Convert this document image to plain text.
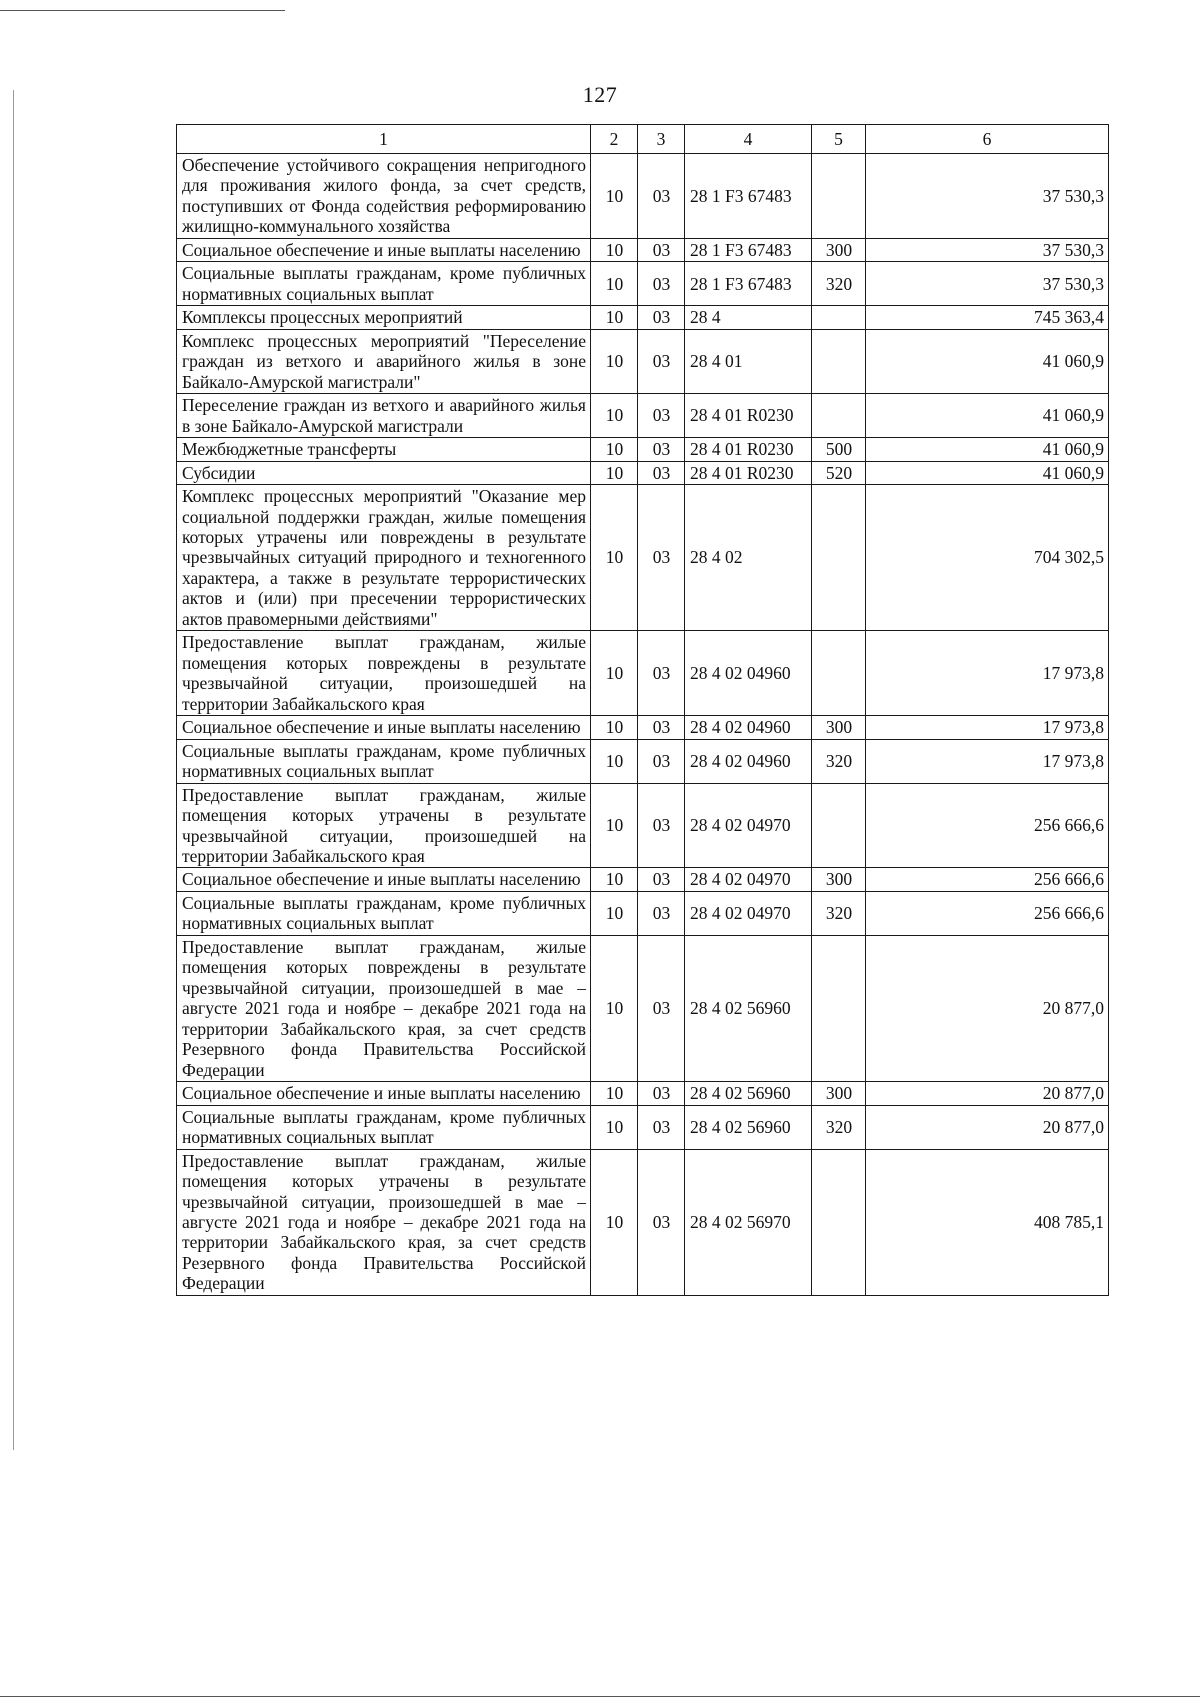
127
1	2	3	4	5	6
Обеспечение устойчивого сокращения непригодного для проживания жилого фонда, за счет средств, поступивших от Фонда содействия реформированию жилищно-коммунального хозяйства	10	03	28 1 F3 67483		37 530,3
Социальное обеспечение и иные выплаты населению	10	03	28 1 F3 67483	300	37 530,3
Социальные выплаты гражданам, кроме публичных нормативных социальных выплат	10	03	28 1 F3 67483	320	37 530,3
Комплексы процессных мероприятий	10	03	28 4		745 363,4
Комплекс процессных мероприятий "Переселение граждан из ветхого и аварийного жилья в зоне Байкало-Амурской магистрали"	10	03	28 4 01		41 060,9
Переселение граждан из ветхого и аварийного жилья в зоне Байкало-Амурской магистрали	10	03	28 4 01 R0230		41 060,9
Межбюджетные трансферты	10	03	28 4 01 R0230	500	41 060,9
Субсидии	10	03	28 4 01 R0230	520	41 060,9
Комплекс процессных мероприятий "Оказание мер социальной поддержки граждан, жилые помещения которых утрачены или повреждены в результате чрезвычайных ситуаций природного и техногенного характера, а также в результате террористических актов и (или) при пресечении террористических актов правомерными действиями"	10	03	28 4 02		704 302,5
Предоставление выплат гражданам, жилые помещения которых повреждены в результате чрезвычайной ситуации, произошедшей на территории Забайкальского края	10	03	28 4 02 04960		17 973,8
Социальное обеспечение и иные выплаты населению	10	03	28 4 02 04960	300	17 973,8
Социальные выплаты гражданам, кроме публичных нормативных социальных выплат	10	03	28 4 02 04960	320	17 973,8
Предоставление выплат гражданам, жилые помещения которых утрачены в результате чрезвычайной ситуации, произошедшей на территории Забайкальского края	10	03	28 4 02 04970		256 666,6
Социальное обеспечение и иные выплаты населению	10	03	28 4 02 04970	300	256 666,6
Социальные выплаты гражданам, кроме публичных нормативных социальных выплат	10	03	28 4 02 04970	320	256 666,6
Предоставление выплат гражданам, жилые помещения которых повреждены в результате чрезвычайной ситуации, произошедшей в мае – августе 2021 года и ноябре – декабре 2021 года на территории Забайкальского края, за счет средств Резервного фонда Правительства Российской Федерации	10	03	28 4 02 56960		20 877,0
Социальное обеспечение и иные выплаты населению	10	03	28 4 02 56960	300	20 877,0
Социальные выплаты гражданам, кроме публичных нормативных социальных выплат	10	03	28 4 02 56960	320	20 877,0
Предоставление выплат гражданам, жилые помещения которых утрачены в результате чрезвычайной ситуации, произошедшей в мае – августе 2021 года и ноябре – декабре 2021 года на территории Забайкальского края, за счет средств Резервного фонда Правительства Российской Федерации	10	03	28 4 02 56970		408 785,1
